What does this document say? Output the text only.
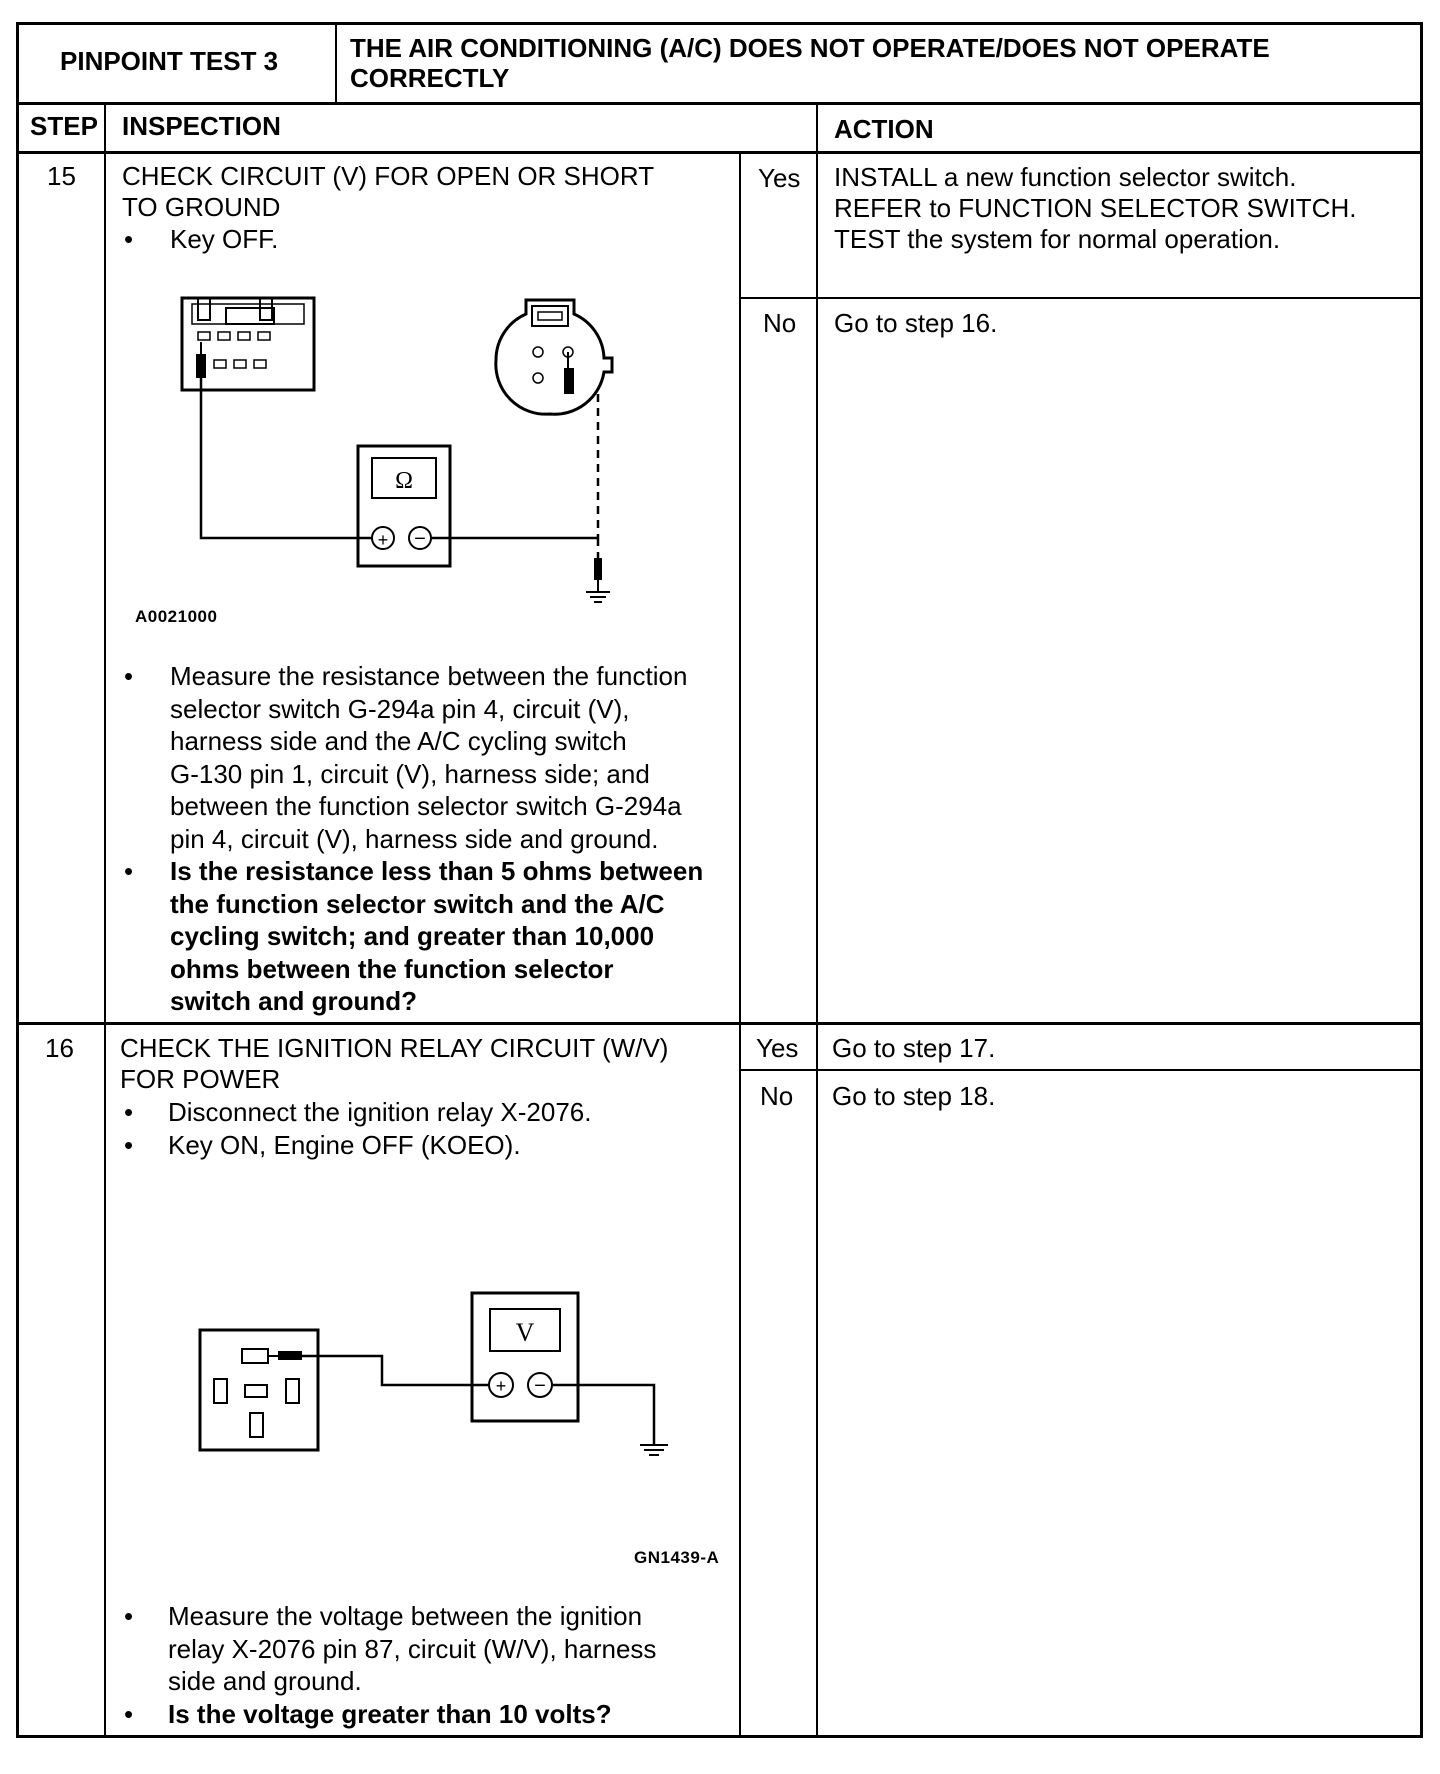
PINPOINT TEST 3	THE AIR CONDITIONING (A/C) DOES NOT OPERATE/DOES NOT OPERATE
CORRECTLY
STEP INSPECTION	ACTION
15 CHECK CIRCUIT (V) FOR OPEN OR SHORT
TO GROUND
• Key OFF.
Ω
+ −
A0021000
• Measure the resistance between the function
selector switch G-294a pin 4, circuit (V),
harness side and the A/C cycling switch
G-130 pin 1, circuit (V), harness side; and
between the function selector switch G-294a
pin 4, circuit (V), harness side and ground.
• Is the resistance less than 5 ohms between
the function selector switch and the A/C
cycling switch; and greater than 10,000
ohms between the function selector
switch and ground?
Yes INSTALL a new function selector switch.
REFER to FUNCTION SELECTOR SWITCH.
TEST the system for normal operation.
No Go to step 16.
16 CHECK THE IGNITION RELAY CIRCUIT (W/V)
FOR POWER
• Disconnect the ignition relay X-2076.
• Key ON, Engine OFF (KOEO).
V
+ −
GN1439-A
• Measure the voltage between the ignition
relay X-2076 pin 87, circuit (W/V), harness
side and ground.
• Is the voltage greater than 10 volts?
Yes Go to step 17.
No Go to step 18.
